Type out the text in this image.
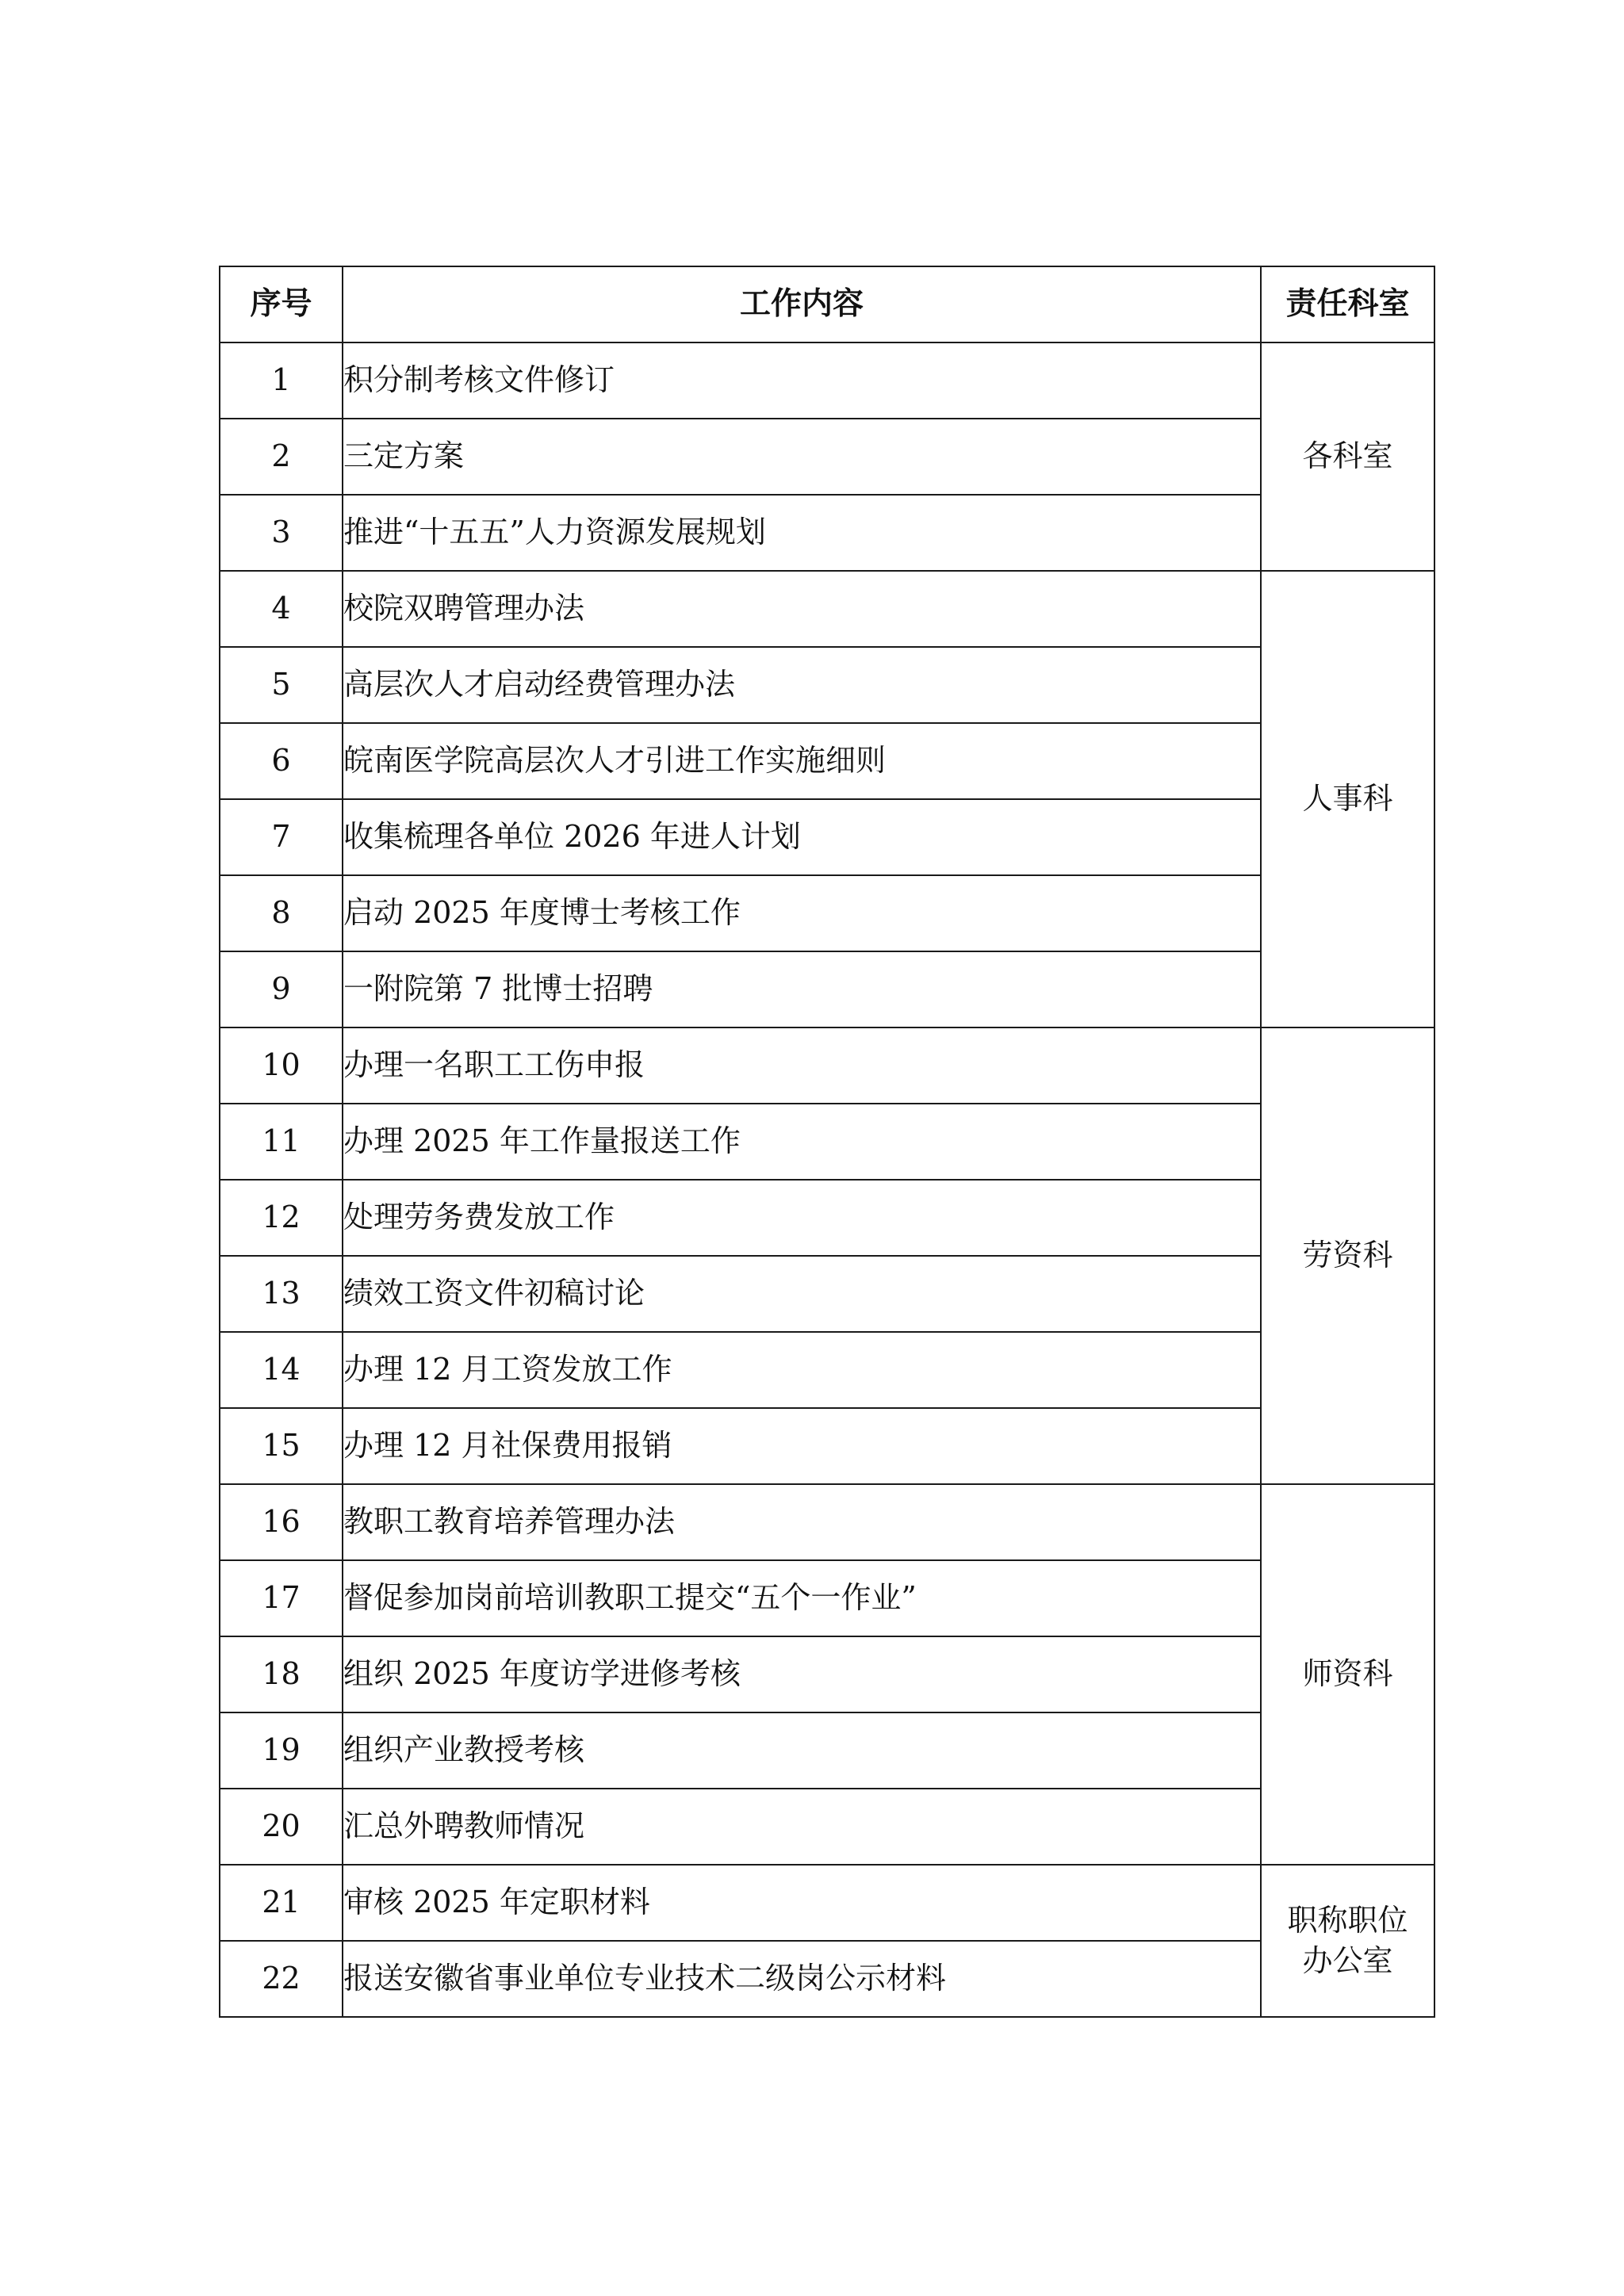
序号	工作内容	责任科室
1	积分制考核文件修订	各科室
2	三定方案	
3	推进“十五五”人力资源发展规划	
4	校院双聘管理办法	人事科
5	高层次人才启动经费管理办法	
6	皖南医学院高层次人才引进工作实施细则	
7	收集梳理各单位 2026 年进人计划	
8	启动 2025 年度博士考核工作	
9	一附院第 7 批博士招聘	
10	办理一名职工工伤申报	劳资科
11	办理 2025 年工作量报送工作	
12	处理劳务费发放工作	
13	绩效工资文件初稿讨论	
14	办理 12 月工资发放工作	
15	办理 12 月社保费用报销	
16	教职工教育培养管理办法	师资科
17	督促参加岗前培训教职工提交“五个一作业”	
18	组织 2025 年度访学进修考核	
19	组织产业教授考核	
20	汇总外聘教师情况	
21	审核 2025 年定职材料	职称职位
办公室
22	报送安徽省事业单位专业技术二级岗公示材料	
